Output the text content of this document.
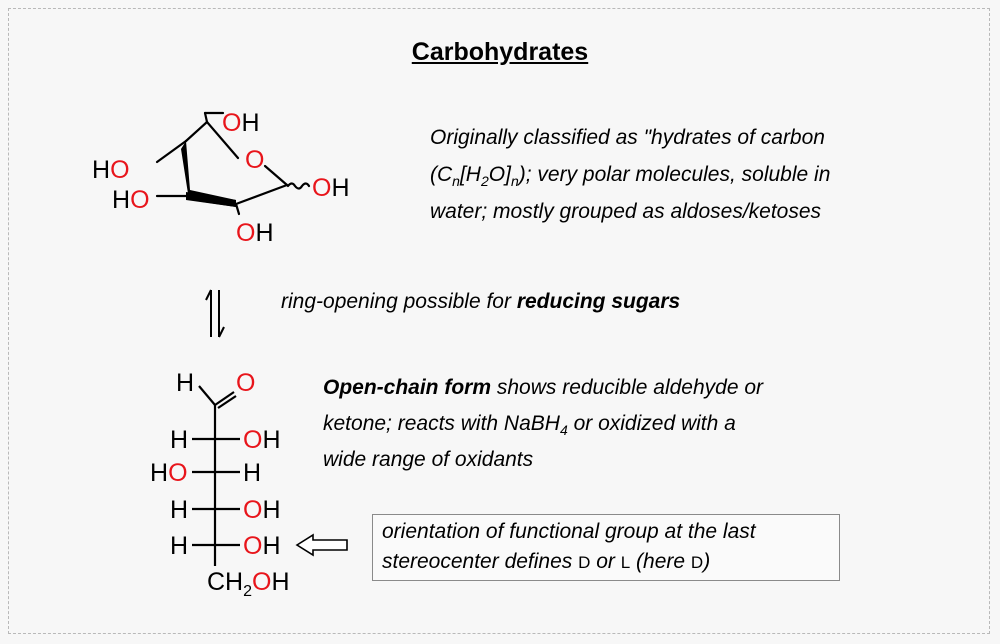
Carbohydrates
OH
O
HO
HO	OH
OH
H O
H OH
HO H
H OH
H OH
$CH_2OH$
Originally classified as "hydrates of carbon
$(C_n[H_2O]_n)$; very polar molecules, soluble in
water; mostly grouped as aldoses/ketoses
ring-opening possible for reducing sugars
Open-chain form shows reducible aldehyde or
ketone; reacts with NaBH$_4$ or oxidized with a
wide range of oxidants
orientation of functional group at the last
stereocenter defines D or L (here D)
